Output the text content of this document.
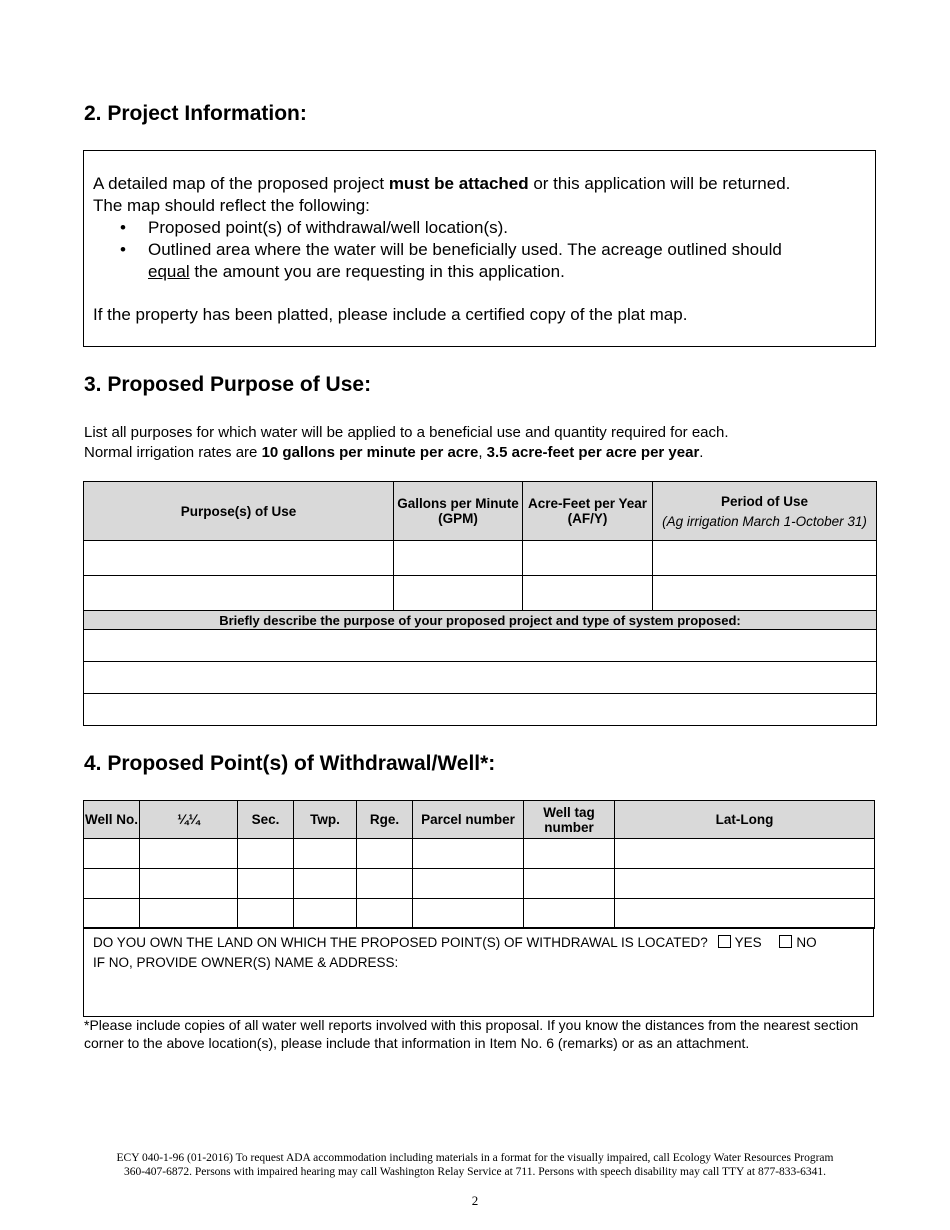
2. Project Information:
A detailed map of the proposed project must be attached or this application will be returned.
The map should reflect the following:
• Proposed point(s) of withdrawal/well location(s).
• Outlined area where the water will be beneficially used. The acreage outlined should
equal the amount you are requesting in this application.
If the property has been platted, please include a certified copy of the plat map.
3. Proposed Purpose of Use:
List all purposes for which water will be applied to a beneficial use and quantity required for each.
Normal irrigation rates are 10 gallons per minute per acre, 3.5 acre-feet per acre per year.
Purpose(s) of Use	Gallons per Minute (GPM)	Acre-Feet per Year (AF/Y)	Period of Use
(Ag irrigation March 1-October 31)

Briefly describe the purpose of your proposed project and type of system proposed:			

4. Proposed Point(s) of Withdrawal/Well*:
Well No.	¼¼	Sec.	Twp.	Rge.	Parcel number	Well tag number	Lat-Long

DO YOU OWN THE LAND ON WHICH THE PROPOSED POINT(S) OF WITHDRAWAL IS LOCATED? YES	NO
IF NO, PROVIDE OWNER(S) NAME & ADDRESS:
*Please include copies of all water well reports involved with this proposal. If you know the distances from the nearest section corner to the above location(s), please include that information in Item No. 6 (remarks) or as an attachment.
ECY 040-1-96 (01-2016) To request ADA accommodation including materials in a format for the visually impaired, call Ecology Water Resources Program
360-407-6872. Persons with impaired hearing may call Washington Relay Service at 711. Persons with speech disability may call TTY at 877-833-6341.
2
